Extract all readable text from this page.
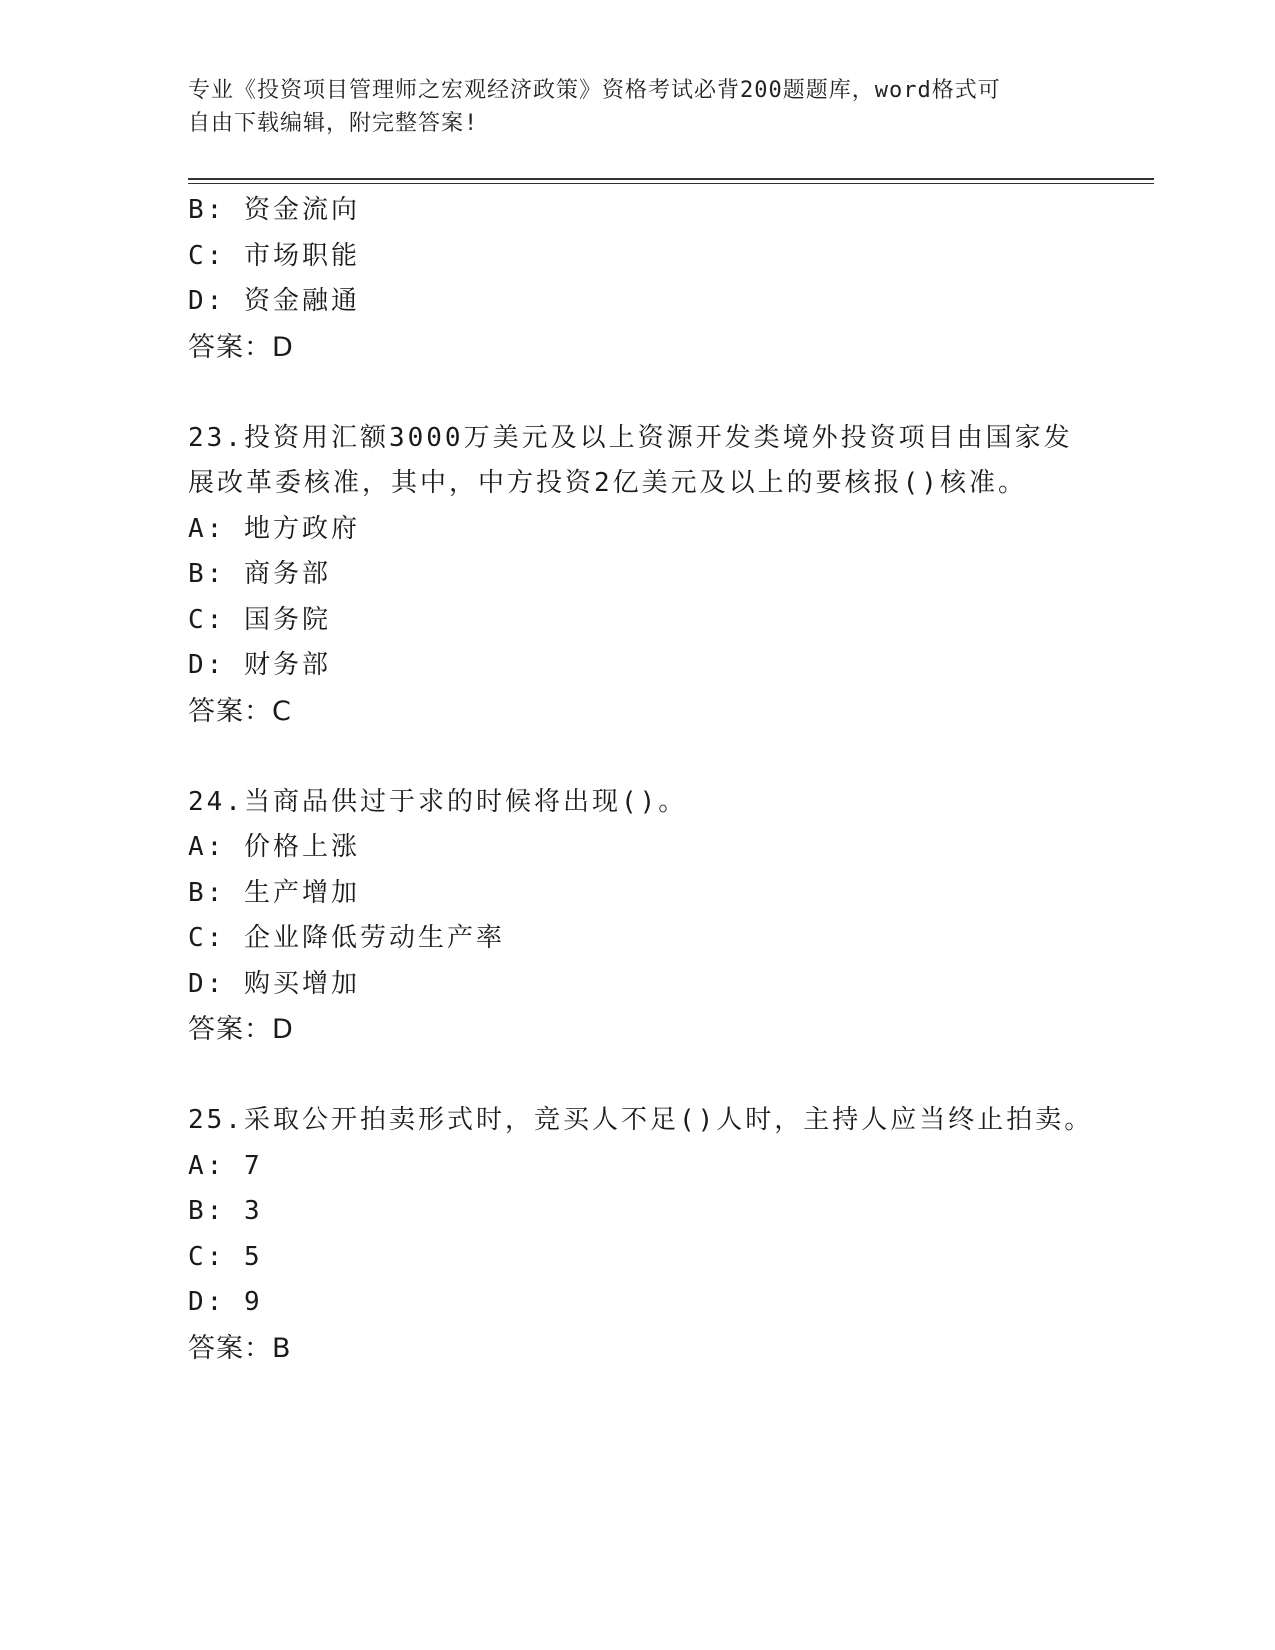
专业《投资项目管理师之宏观经济政策》资格考试必背200题题库，word格式可
自由下载编辑，附完整答案!
B: 资金流向
C: 市场职能
D: 资金融通
答案：D
23.投资用汇额3000万美元及以上资源开发类境外投资项目由国家发
展改革委核准，其中，中方投资2亿美元及以上的要核报()核准。
A: 地方政府
B: 商务部
C: 国务院
D: 财务部
答案：C
24.当商品供过于求的时候将出现()。
A: 价格上涨
B: 生产增加
C: 企业降低劳动生产率
D: 购买增加
答案：D
25.采取公开拍卖形式时，竞买人不足()人时，主持人应当终止拍卖。
A: 7
B: 3
C: 5
D: 9
答案：B
